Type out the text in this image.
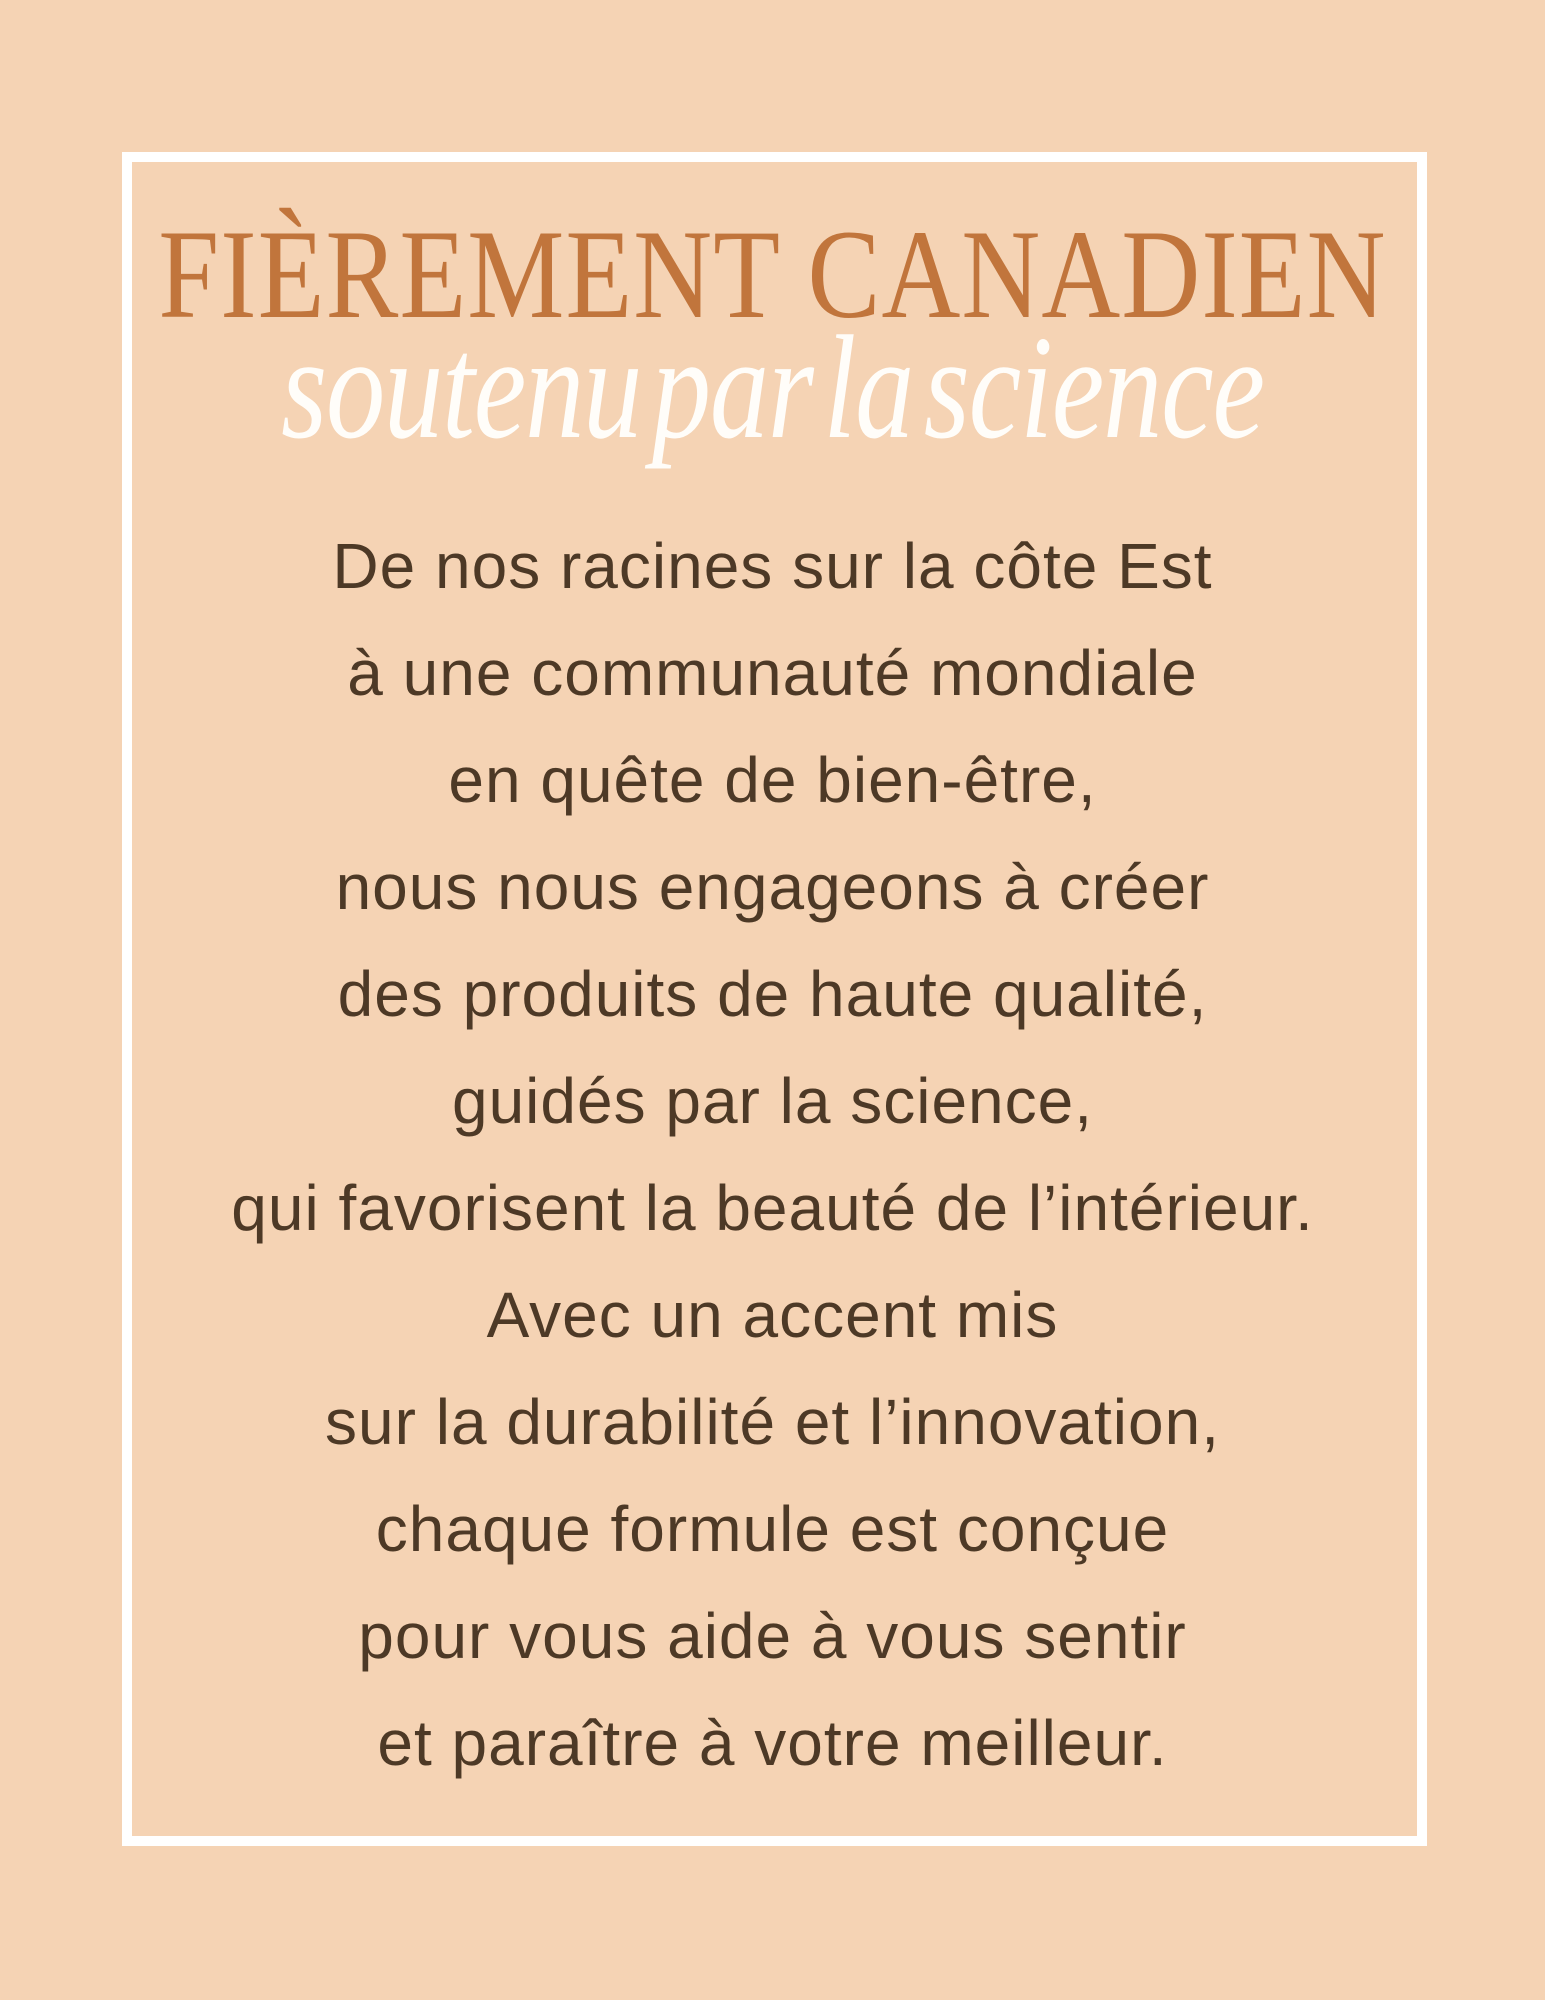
FIÈREMENT CANADIEN
soutenu par la science
De nos racines sur la côte Est
à une communauté mondiale
en quête de bien-être,
nous nous engageons à créer
des produits de haute qualité,
guidés par la science,
qui favorisent la beauté de l’intérieur.
Avec un accent mis
sur la durabilité et l’innovation,
chaque formule est conçue
pour vous aide à vous sentir
et paraître à votre meilleur.
